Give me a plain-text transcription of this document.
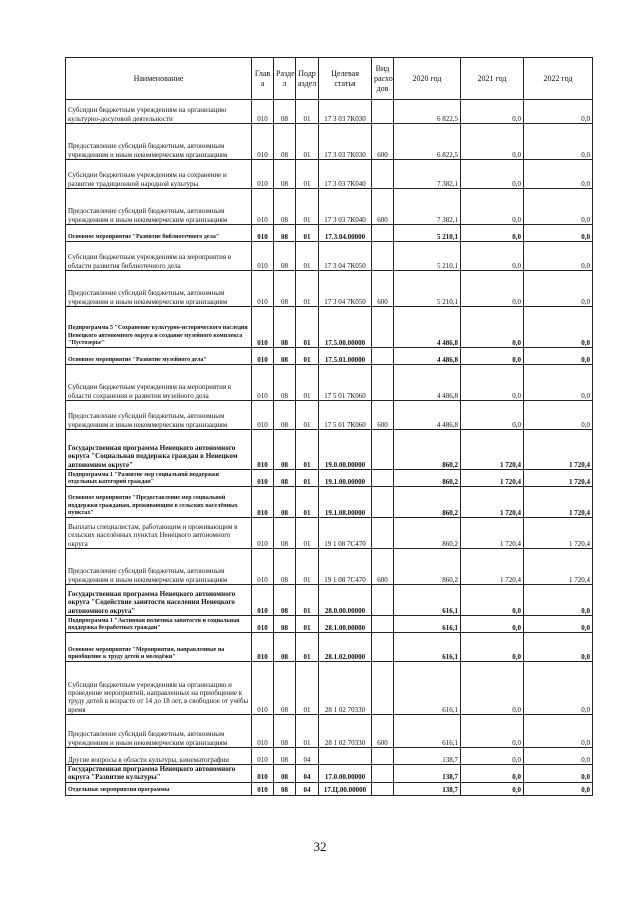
Наименование	Глав а	Разде л	Подр аздел	Целевая статья	Вид расхо дов	2020 год	2021 год	2022 год
Субсидии бюджетным учреждениям на организацию культурно-досуговой деятельности	010	08	01	17 3 03 7К030		6 822,5	0,0	0,0
Предоставление субсидий бюджетным, автономным учреждениям и иным некоммерческим организациям	010	08	01	17 3 03 7К030	600	6 822,5	0,0	0,0
Субсидии бюджетным учреждениям на сохранение и развитие традиционной народной культуры	010	08	01	17 3 03 7К040		7 382,1	0,0	0,0
Предоставление субсидий бюджетным, автономным учреждениям и иным некоммерческим организациям	010	08	01	17 3 03 7К040	600	7 382,1	0,0	0,0
Основное мероприятие "Развитие библиотечного дела"	010	08	01	17.3.04.00000		5 210,1	0,0	0,0
Субсидии бюджетным учреждениям на мероприятия в области развития библиотечного дела	010	08	01	17 3 04 7К050		5 210,1	0,0	0,0
Предоставление субсидий бюджетным, автономным учреждениям и иным некоммерческим организациям	010	08	01	17 3 04 7К050	600	5 210,1	0,0	0,0
Подпрограмма 5 "Сохранение культурно-исторического наследия Ненецкого автономного округа и создание музейного комплекса "Пустозерье"	010	08	01	17.5.00.00000		4 486,8	0,0	0,0
Основное мероприятие "Развитие музейного дела"	010	08	01	17.5.01.00000		4 486,8	0,0	0,0
Субсидии бюджетным учреждениям на мероприятия в области сохранения и развития музейного дела	010	08	01	17 5 01 7К060		4 486,8	0,0	0,0
Предоставление субсидий бюджетным, автономным учреждениям и иным некоммерческим организациям	010	08	01	17 5 01 7К060	600	4 486,8	0,0	0,0
Государственная программа Ненецкого автономного округа "Социальная поддержка граждан в Ненецком автономном округе"	010	08	01	19.0.00.00000		860,2	1 720,4	1 720,4
Подпрограмма 1 "Развитие мер социальной поддержки отдельных категорий граждан"	010	08	01	19.1.00.00000		860,2	1 720,4	1 720,4
Основное мероприятие "Предоставление мер социальной поддержки гражданам, проживающим в сельских населённых пунктах"	010	08	01	19.1.08.00000		860,2	1 720,4	1 720,4
Выплаты специалистам, работающим и проживающим в сельских населённых пунктах Ненецкого автономного округа	010	08	01	19 1 08 7С470		860,2	1 720,4	1 720,4
Предоставление субсидий бюджетным, автономным учреждениям и иным некоммерческим организациям	010	08	01	19 1 08 7С470	600	860,2	1 720,4	1 720,4
Государственная программа Ненецкого автономного округа "Содействие занятости населения Ненецкого автономного округа"	010	08	01	28.0.00.00000		616,1	0,0	0,0
Подпрограмма 1 "Активная политика занятости и социальная поддержка безработных граждан"	010	08	01	28.1.00.00000		616,1	0,0	0,0
Основное мероприятие "Мероприятия, направленные на приобщение к труду детей и молодёжи"	010	08	01	28.1.02.00000		616,1	0,0	0,0
Субсидии бюджетным учреждениям на организацию и проведение мероприятий, направленных на приобщение к труду детей в возрасте от 14 до 18 лет, в свободное от учёбы время	010	08	01	28 1 02 70330		616,1	0,0	0,0
Предоставление субсидий бюджетным, автономным учреждениям и иным некоммерческим организациям	010	08	01	28 1 02 70330	600	616,1	0,0	0,0
Другие вопросы в области культуры, кинематографии	010	08	04			138,7	0,0	0,0
Государственная программа Ненецкого автономного округа "Развитие культуры"	010	08	04	17.0.00.00000		138,7	0,0	0,0
Отдельные мероприятия программы	010	08	04	17.Ц.00.00000		138,7	0,0	0,0
32
